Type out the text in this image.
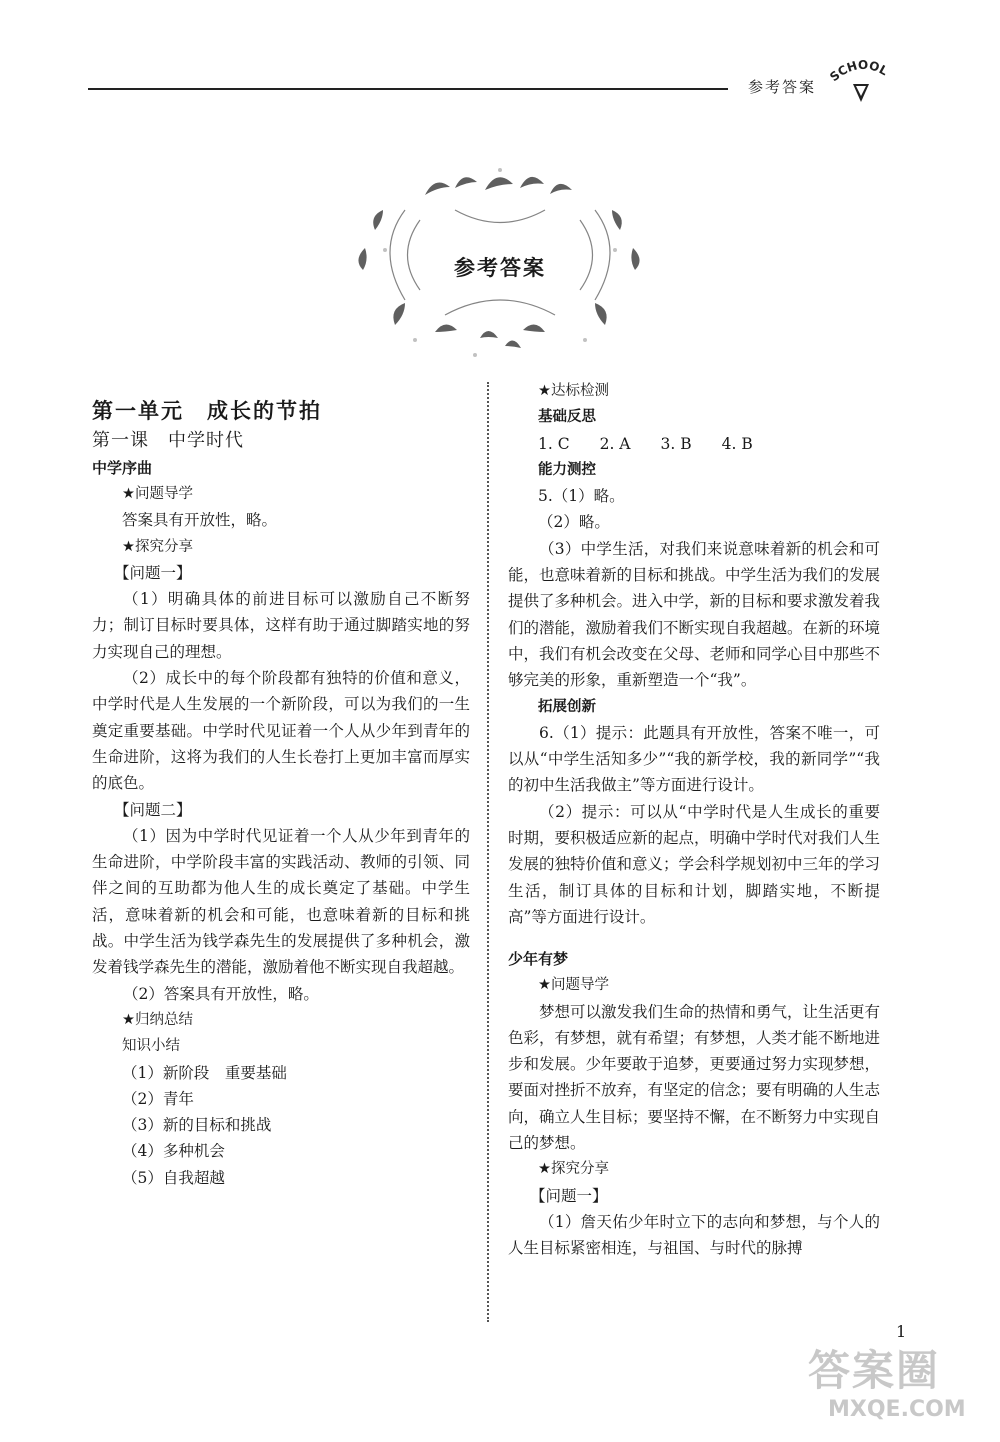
参考答案
SCHOOL
参考答案

第一单元　成长的节拍

第一课　中学时代

中学序曲

★问题导学

答案具有开放性，略。

★探究分享

【问题一】

（1）明确具体的前进目标可以激励自己不断努力；制订目标时要具体，这样有助于通过脚踏实地的努力实现自己的理想。

（2）成长中的每个阶段都有独特的价值和意义，中学时代是人生发展的一个新阶段，可以为我们的一生奠定重要基础。中学时代见证着一个人从少年到青年的生命进阶，这将为我们的人生长卷打上更加丰富而厚实的底色。

【问题二】

（1）因为中学时代见证着一个人从少年到青年的生命进阶，中学阶段丰富的实践活动、教师的引领、同伴之间的互助都为他人生的成长奠定了基础。中学生活，意味着新的机会和可能，也意味着新的目标和挑战。中学生活为钱学森先生的发展提供了多种机会，激发着钱学森先生的潜能，激励着他不断实现自我超越。

（2）答案具有开放性，略。

★归纳总结

知识小结

（1）新阶段　重要基础

（2）青年

（3）新的目标和挑战

（4）多种机会

（5）自我超越

★达标检测

基础反思

1. C 2. A 3. B 4. B

能力测控

5.（1）略。

（2）略。

（3）中学生活，对我们来说意味着新的机会和可能，也意味着新的目标和挑战。中学生活为我们的发展提供了多种机会。进入中学，新的目标和要求激发着我们的潜能，激励着我们不断实现自我超越。在新的环境中，我们有机会改变在父母、老师和同学心目中那些不够完美的形象，重新塑造一个“我”。

拓展创新

6.（1）提示：此题具有开放性，答案不唯一，可以从“中学生活知多少”“我的新学校，我的新同学”“我的初中生活我做主”等方面进行设计。

（2）提示：可以从“中学时代是人生成长的重要时期，要积极适应新的起点，明确中学时代对我们人生发展的独特价值和意义；学会科学规划初中三年的学习生活，制订具体的目标和计划，脚踏实地，不断提高”等方面进行设计。

少年有梦

★问题导学

梦想可以激发我们生命的热情和勇气，让生活更有色彩，有梦想，就有希望；有梦想，人类才能不断地进步和发展。少年要敢于追梦，更要通过努力实现梦想，要面对挫折不放弃，有坚定的信念；要有明确的人生志向，确立人生目标；要坚持不懈，在不断努力中实现自己的梦想。

★探究分享

【问题一】

（1）詹天佑少年时立下的志向和梦想，与个人的人生目标紧密相连，与祖国、与时代的脉搏

1
答案圈
MXQE.COM
